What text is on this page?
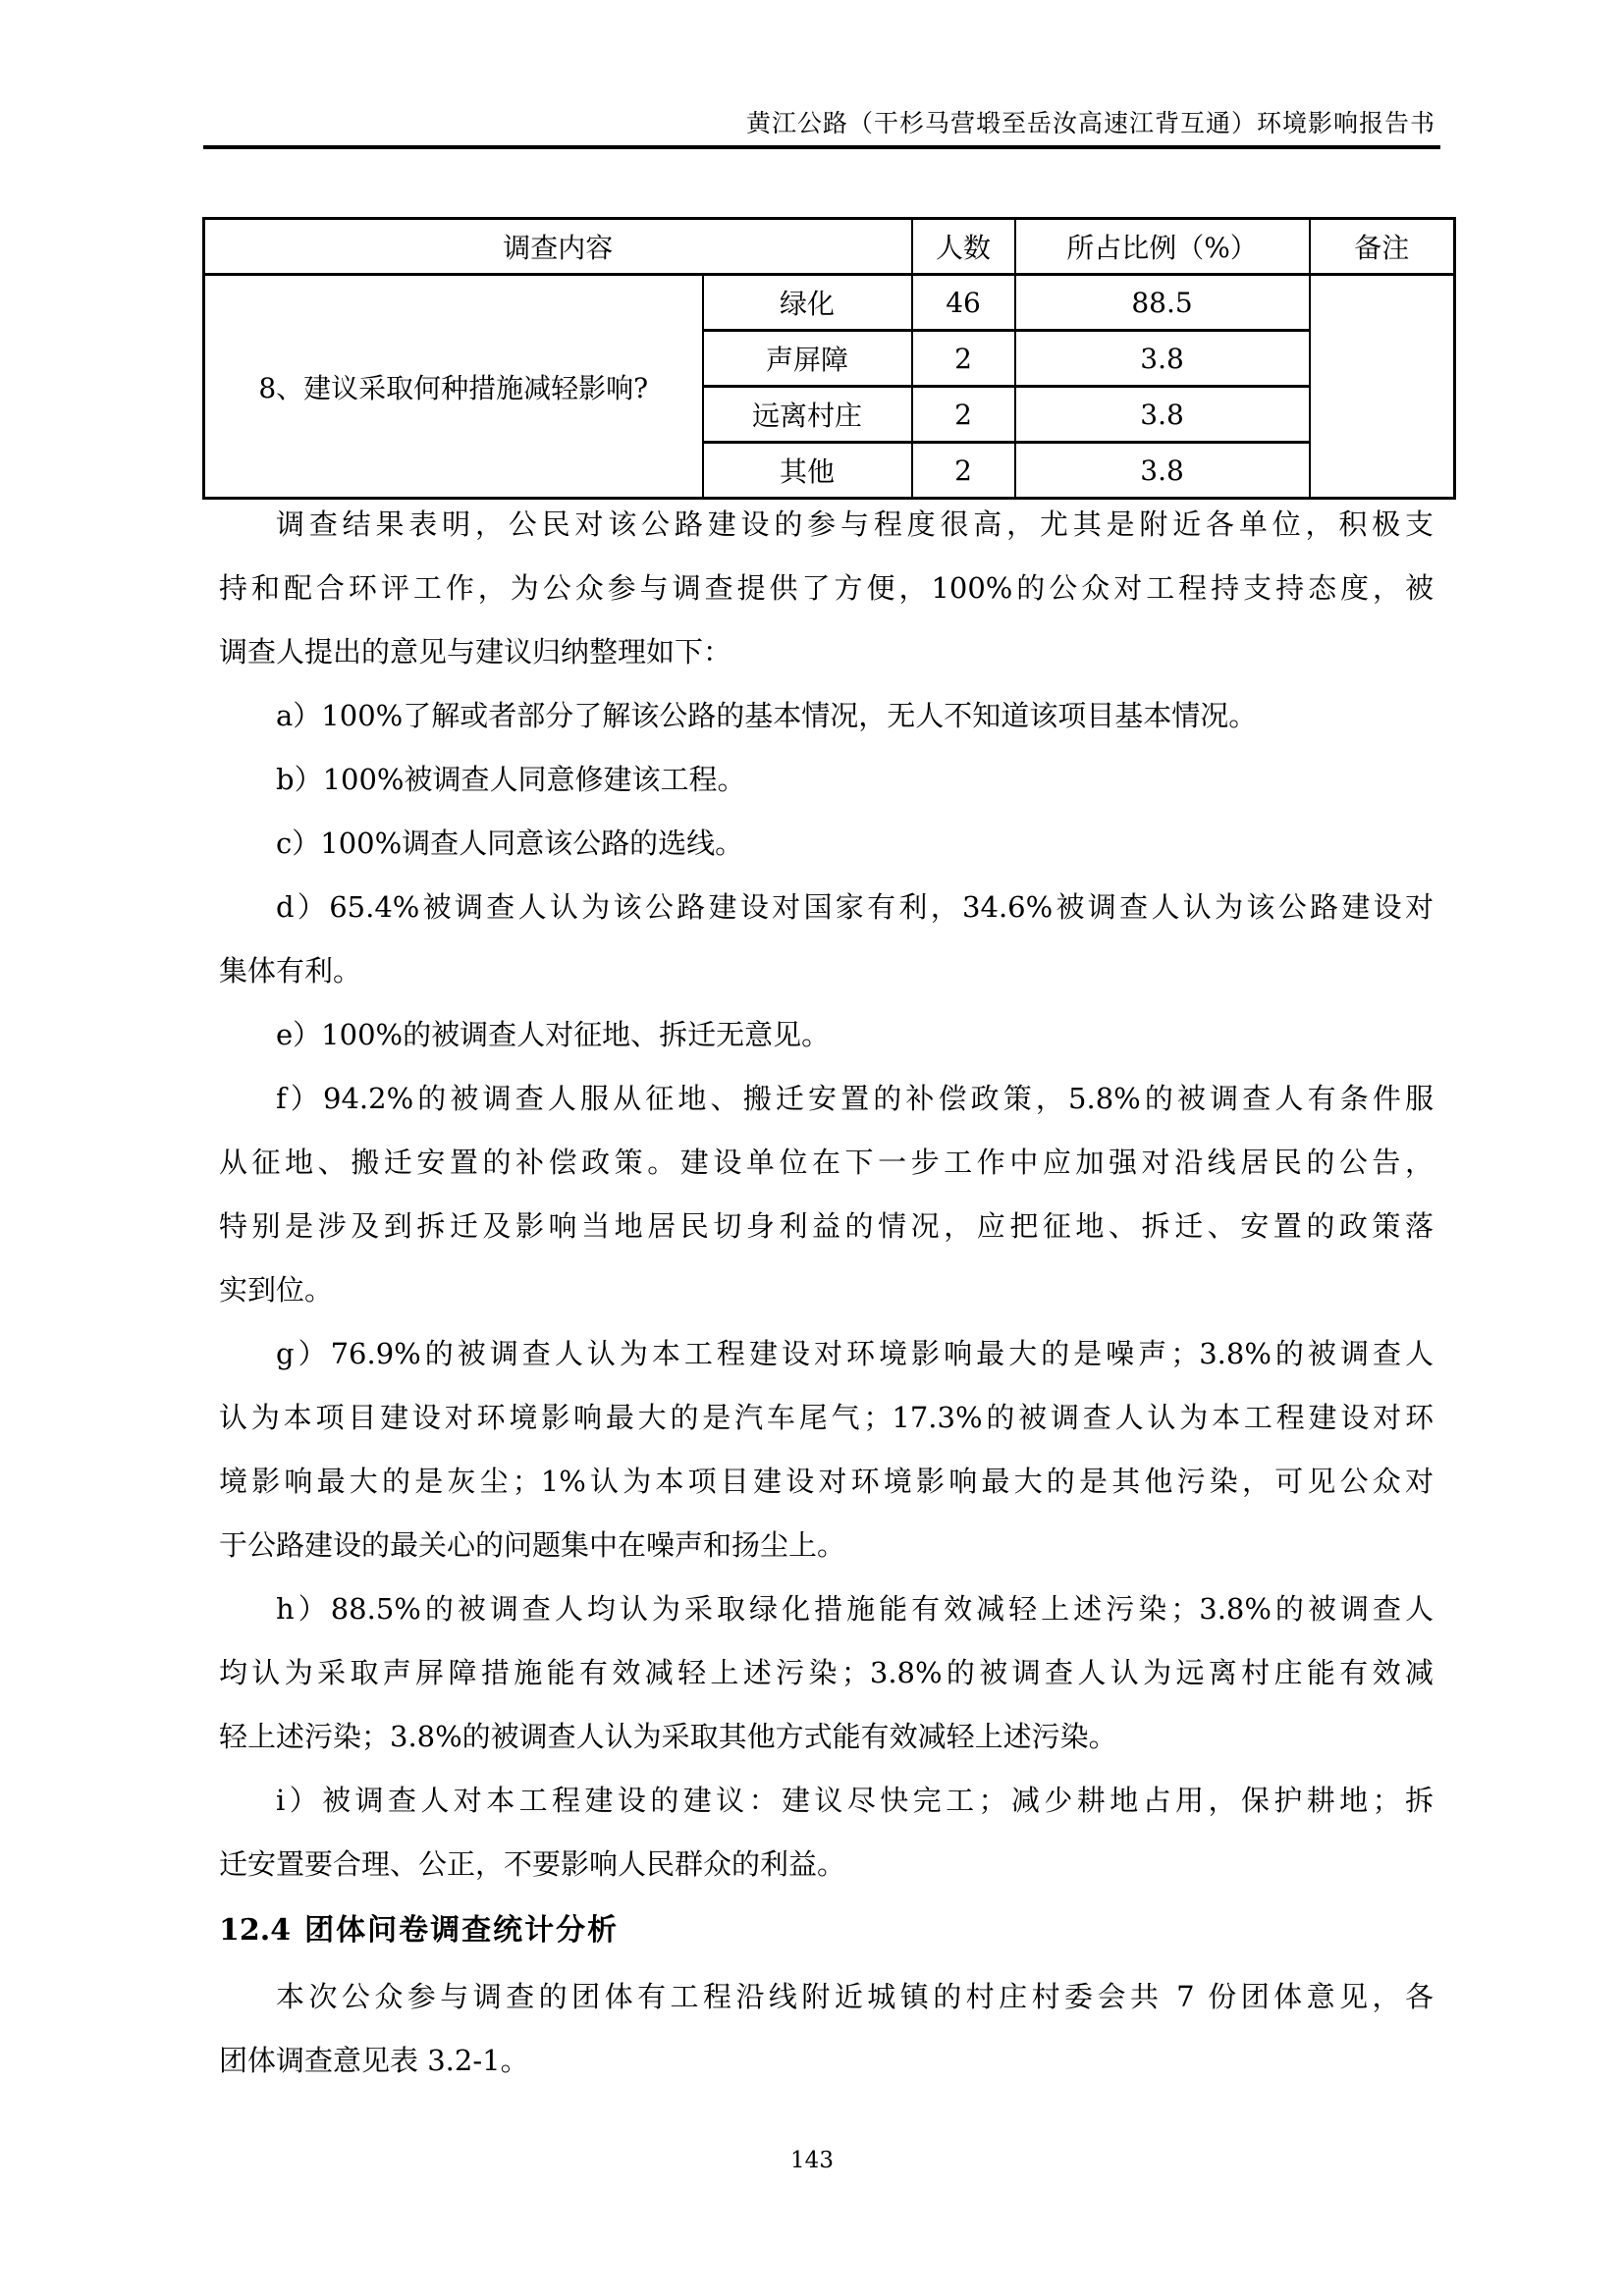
黄江公路（干杉马营塅至岳汝高速江背互通）环境影响报告书
调查内容		人数	所占比例（%）	备注
8、建议采取何种措施减轻影响?	绿化	46	88.5	
	声屏障	2	3.8	
	远离村庄	2	3.8	
	其他	2	3.8	
调查结果表明，公民对该公路建设的参与程度很高，尤其是附近各单位，积极支
持和配合环评工作，为公众参与调查提供了方便，100%的公众对工程持支持态度，被
调查人提出的意见与建议归纳整理如下：
a）100%了解或者部分了解该公路的基本情况，无人不知道该项目基本情况。
b）100%被调查人同意修建该工程。
c）100%调查人同意该公路的选线。
d）65.4%被调查人认为该公路建设对国家有利，34.6%被调查人认为该公路建设对
集体有利。
e）100%的被调查人对征地、拆迁无意见。
f）94.2%的被调查人服从征地、搬迁安置的补偿政策，5.8%的被调查人有条件服
从征地、搬迁安置的补偿政策。建设单位在下一步工作中应加强对沿线居民的公告，
特别是涉及到拆迁及影响当地居民切身利益的情况，应把征地、拆迁、安置的政策落
实到位。
g）76.9%的被调查人认为本工程建设对环境影响最大的是噪声；3.8%的被调查人
认为本项目建设对环境影响最大的是汽车尾气；17.3%的被调查人认为本工程建设对环
境影响最大的是灰尘；1%认为本项目建设对环境影响最大的是其他污染，可见公众对
于公路建设的最关心的问题集中在噪声和扬尘上。
h）88.5%的被调查人均认为采取绿化措施能有效减轻上述污染；3.8%的被调查人
均认为采取声屏障措施能有效减轻上述污染；3.8%的被调查人认为远离村庄能有效减
轻上述污染；3.8%的被调查人认为采取其他方式能有效减轻上述污染。
i）被调查人对本工程建设的建议：建议尽快完工；减少耕地占用，保护耕地；拆
迁安置要合理、公正，不要影响人民群众的利益。
12.4 团体问卷调查统计分析
本次公众参与调查的团体有工程沿线附近城镇的村庄村委会共 7 份团体意见，各
团体调查意见表 3.2-1。
143
